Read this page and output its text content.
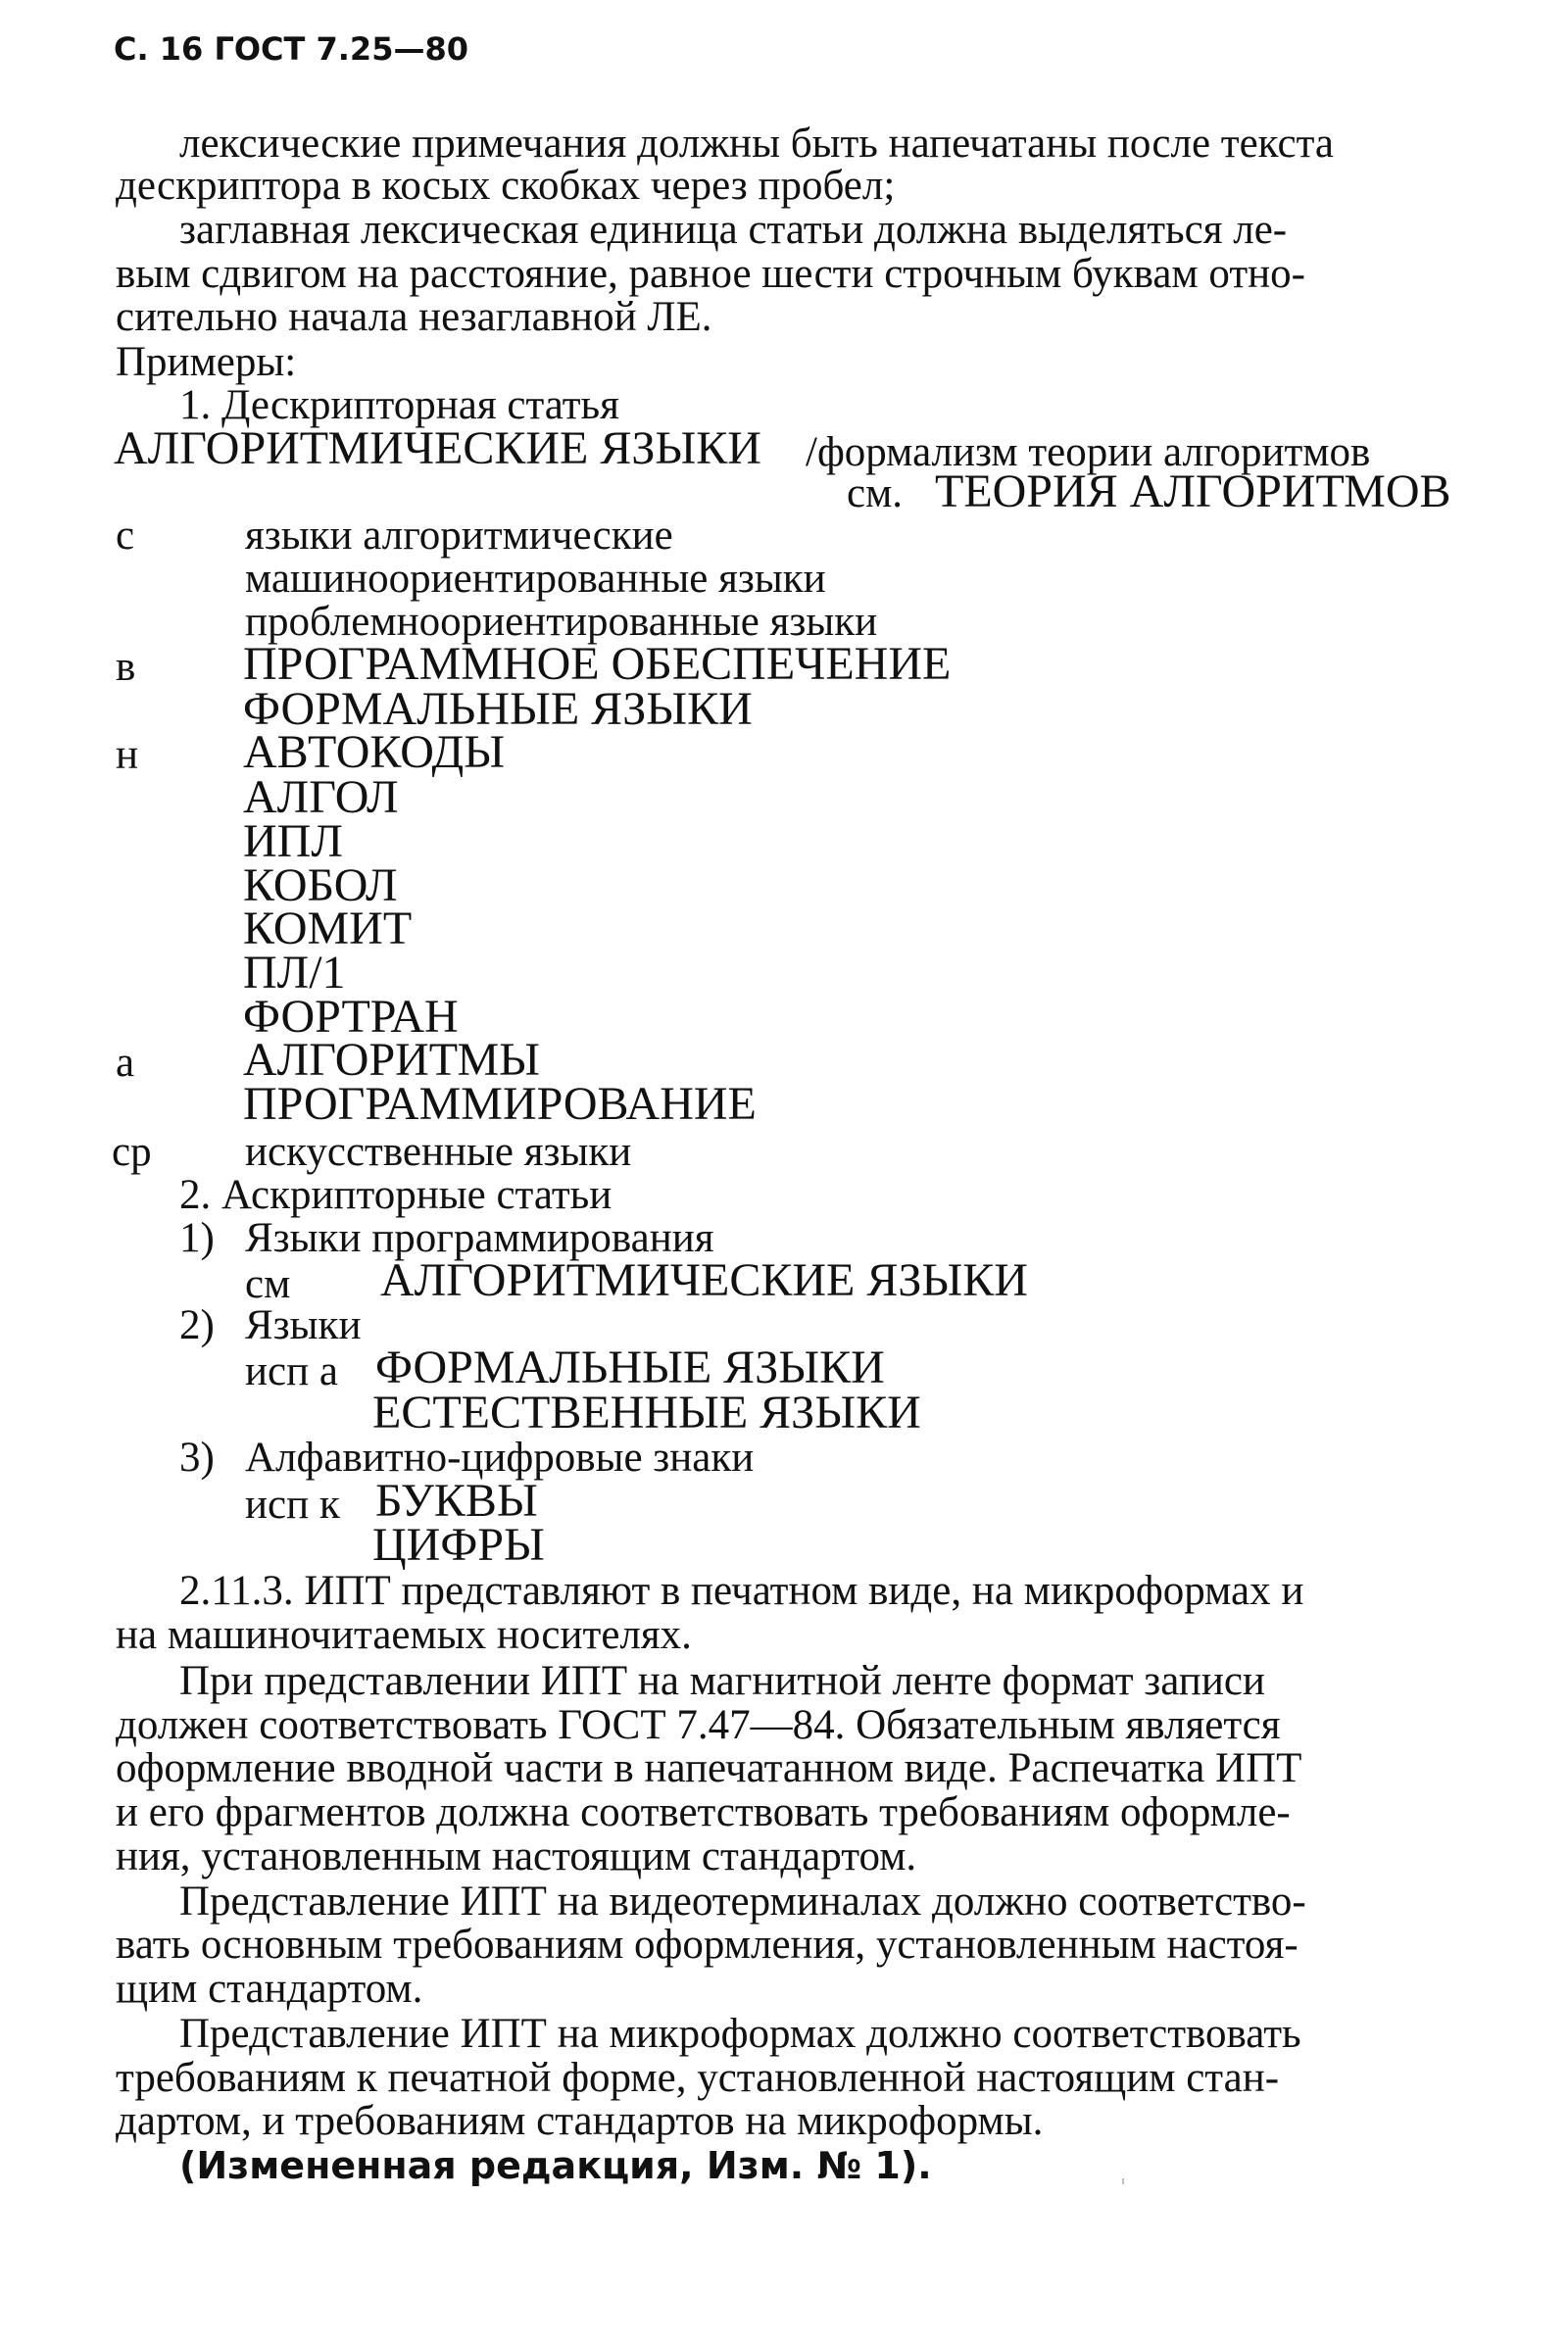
С. 16 ГОСТ 7.25—80
лексические примечания должны быть напечатаны после текста
дескриптора в косых скобках через пробел;
заглавная лексическая единица статьи должна выделяться ле-
вым сдвигом на расстояние, равное шести строчным буквам отно-
сительно начала незаглавной ЛЕ.
Примеры:
1. Дескрипторная статья
АЛГОРИТМИЧЕСКИЕ ЯЗЫКИ /формализм теории алгоритмов
см. ТЕОРИЯ АЛГОРИТМОВ
с	языки алгоритмические
машиноориентированные языки
проблемноориентированные языки
в ПРОГРАММНОЕ ОБЕСПЕЧЕНИЕ
ФОРМАЛЬНЫЕ ЯЗЫКИ
н АВТОКОДЫ
АЛГОЛ
ИПЛ
КОБОЛ
КОМИТ
ПЛ/1
ФОРТРАН
а АЛГОРИТМЫ
ПРОГРАММИРОВАНИЕ
ср искусственные языки
2. Аскрипторные статьи
1) Языки программирования
см АЛГОРИТМИЧЕСКИЕ ЯЗЫКИ
2) Языки
исп а ФОРМАЛЬНЫЕ ЯЗЫКИ
ЕСТЕСТВЕННЫЕ ЯЗЫКИ
3) Алфавитно-цифровые знаки
исп к БУКВЫ
ЦИФРЫ
2.11.3. ИПТ представляют в печатном виде, на микроформах и
на машиночитаемых носителях.
При представлении ИПТ на магнитной ленте формат записи
должен соответствовать ГОСТ 7.47—84. Обязательным является
оформление вводной части в напечатанном виде. Распечатка ИПТ
и его фрагментов должна соответствовать требованиям оформле-
ния, установленным настоящим стандартом.
Представление ИПТ на видеотерминалах должно соответство-
вать основным требованиям оформления, установленным настоя-
щим стандартом.
Представление ИПТ на микроформах должно соответствовать
требованиям к печатной форме, установленной настоящим стан-
дартом, и требованиям стандартов на микроформы.
(Измененная редакция, Изм. № 1).
